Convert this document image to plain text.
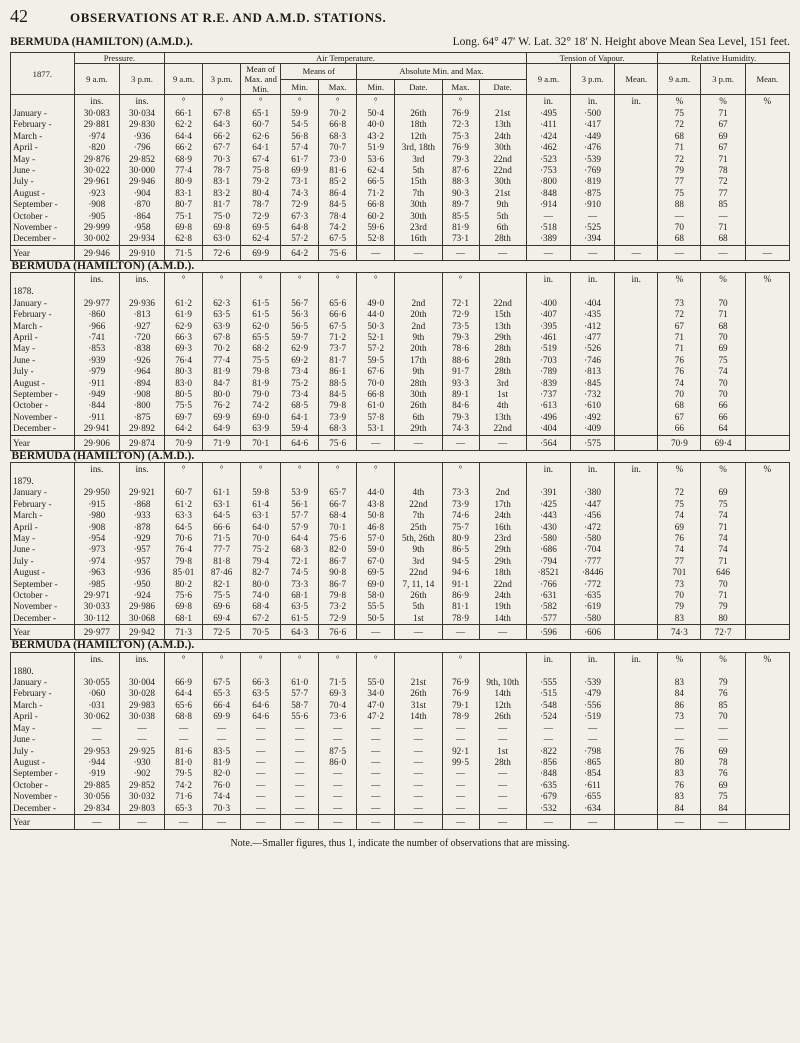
42	OBSERVATIONS AT R.E. AND A.M.D. STATIONS.
BERMUDA (HAMILTON) (A.M.D.).	Long. 64° 47′ W. Lat. 32° 18′ N. Height above Mean Sea Level, 151 feet.
1877.	Pressure.		Air Temperature.									Tension of Vapour.			Relative Humidity.		
	9 a.m.	3 p.m.	9 a.m.	3 p.m.	Mean of Max. and Min.	Means of		Absolute Min. and Max.				9 a.m.	3 p.m.	Mean.	9 a.m.	3 p.m.	Mean.
						Min.	Max.	Min.	Date.	Max.	Date.						
	ins.	ins.	°	°	°	°	°	°		°		in.	in.	in.	%	%	%
January -	30·083	30·034	66·1	67·8	65·1	59·9	70·2	50·4	26th	76·9	21st	·495	·500		75	71	
February -	29·881	29·830	62·2	64·3	60·7	54·5	66·8	40·0	18th	72·3	13th	·411	·417		72	67	
March -	·974	·936	64·4	66·2	62·6	56·8	68·3	43·2	12th	75·3	24th	·424	·449		68	69	
April -	·820	·796	66·2	67·7	64·1	57·4	70·7	51·9	3rd, 18th	76·9	30th	·462	·476		71	67	
May -	29·876	29·852	68·9	70·3	67·4	61·7	73·0	53·6	3rd	79·3	22nd	·523	·539		72	71	
June -	30·022	30·000	77·4	78·7	75·8	69·9	81·6	62·4	5th	87·6	22nd	·753	·769		79	78	
July -	29·961	29·946	80·9	83·1	79·2	73·1	85·2	66·5	15th	88·3	30th	·800	·819		77	72	
August -	·923	·904	83·1	83·2	80·4	74·3	86·4	71·2	7th	90·3	21st	·848	·875		75	77	
September -	·908	·870	80·7	81·7	78·7	72·9	84·5	66·8	30th	89·7	9th	·914	·910		88	85	
October -	·905	·864	75·1	75·0	72·9	67·3	78·4	60·2	30th	85·5	5th	—	—		—	—	
November -	29·999	·958	69·8	69·8	69·5	64·8	74·2	59·6	23rd	81·9	6th	·518	·525		70	71	
December -	30·002	29·934	62·8	63·0	62·4	57·2	67·5	52·8	16th	73·1	28th	·389	·394		68	68	
Year	29·946	29·910	71·5	72·6	69·9	64·2	75·6	—	—	—	—	—	—	—	—	—	—

BERMUDA (HAMILTON) (A.M.D.).																	
	ins.	ins.	°	°	°	°	°	°		°		in.	in.	in.	%	%	%
1878.																	
January -	29·977	29·936	61·2	62·3	61·5	56·7	65·6	49·0	2nd	72·1	22nd	·400	·404		73	70	
February -	·860	·813	61·9	63·5	61·5	56·3	66·6	44·0	20th	72·9	15th	·407	·435		72	71	
March -	·966	·927	62·9	63·9	62·0	56·5	67·5	50·3	2nd	73·5	13th	·395	·412		67	68	
April -	·741	·720	66·3	67·8	65·5	59·7	71·2	52·1	9th	79·3	29th	·461	·477		71	70	
May -	·853	·838	69·3	70·2	68·2	62·9	73·7	57·2	20th	78·6	28th	·519	·526		71	69	
June -	·939	·926	76·4	77·4	75·5	69·2	81·7	59·5	17th	88·6	28th	·703	·746		76	75	
July -	·979	·964	80·3	81·9	79·8	73·4	86·1	67·6	9th	91·7	28th	·789	·813		76	74	
August -	·911	·894	83·0	84·7	81·9	75·2	88·5	70·0	28th	93·3	3rd	·839	·845		74	70	
September -	·949	·908	80·5	80·0	79·0	73·4	84·5	66·8	30th	89·1	1st	·737	·732		70	70	
October -	·844	·800	75·5	76·2	74·2	68·5	79·8	61·0	26th	84·6	4th	·613	·610		68	66	
November -	·911	·875	69·7	69·9	69·0	64·1	73·9	57·8	6th	79·3	13th	·496	·492		67	66	
December -	29·941	29·892	64·2	64·9	63·9	59·4	68·3	53·1	29th	74·3	22nd	·404	·409		66	64	
Year	29·906	29·874	70·9	71·9	70·1	64·6	75·6	—	—	—	—	·564	·575		70·9	69·4	

BERMUDA (HAMILTON) (A.M.D.).																	
	ins.	ins.	°	°	°	°	°	°		°		in.	in.	in.	%	%	%
1879.																	
January -	29·950	29·921	60·7	61·1	59·8	53·9	65·7	44·0	4th	73·3	2nd	·391	·380		72	69	
February -	·915	·868	61·2	63·1	61·4	56·1	66·7	43·8	22nd	73·9	17th	·425	·447		75	75	
March -	·980	·933	63·3	64·5	63·1	57·7	68·4	50·8	7th	74·6	24th	·443	·456		74	74	
April -	·908	·878	64·5	66·6	64·0	57·9	70·1	46·8	25th	75·7	16th	·430	·472		69	71	
May -	·954	·929	70·6	71·5	70·0	64·4	75·6	57·0	5th, 26th	80·9	23rd	·580	·580		76	74	
June -	·973	·957	76·4	77·7	75·2	68·3	82·0	59·0	9th	86·5	29th	·686	·704		74	74	
July -	·974	·957	79·8	81·8	79·4	72·1	86·7	67·0	3rd	94·5	29th	·794	·777		77	71	
August -	·963	·936	85·01	87·46	82·7	74·5	90·8	69·5	22nd	94·6	18th	·8521	·8446		701	646	
September -	·985	·950	80·2	82·1	80·0	73·3	86·7	69·0	7, 11, 14	91·1	22nd	·766	·772		73	70	
October -	29·971	·924	75·6	75·5	74·0	68·1	79·8	58·0	26th	86·9	24th	·631	·635		70	71	
November -	30·033	29·986	69·8	69·6	68·4	63·5	73·2	55·5	5th	81·1	19th	·582	·619		79	79	
December -	30·112	30·068	68·1	69·4	67·2	61·5	72·9	50·5	1st	78·9	14th	·577	·580		83	80	
Year	29·977	29·942	71·3	72·5	70·5	64·3	76·6	—	—	—	—	·596	·606		74·3	72·7	

BERMUDA (HAMILTON) (A.M.D.).																	
	ins.	ins.	°	°	°	°	°	°		°		in.	in.	in.	%	%	%
1880.																	
January -	30·055	30·004	66·9	67·5	66·3	61·0	71·5	55·0	21st	76·9	9th, 10th	·555	·539		83	79	
February -	·060	30·028	64·4	65·3	63·5	57·7	69·3	34·0	26th	76·9	14th	·515	·479		84	76	
March -	·031	29·983	65·6	66·4	64·6	58·7	70·4	47·0	31st	79·1	12th	·548	·556		86	85	
April -	30·062	30·038	68·8	69·9	64·6	55·6	73·6	47·2	14th	78·9	26th	·524	·519		73	70	
May -	—	—	—	—	—	—	—	—	—	—	—	—	—		—	—	
June -	—	—	—	—	—	—	—	—	—	—	—	—	—		—	—	
July -	29·953	29·925	81·6	83·5	—	—	87·5	—	—	92·1	1st	·822	·798		76	69	
August -	·944	·930	81·0	81·9	—	—	86·0	—	—	99·5	28th	·856	·865		80	78	
September -	·919	·902	79·5	82·0	—	—	—	—	—	—	—	·848	·854		83	76	
October -	29·885	29·852	74·2	76·0	—	—	—	—	—	—	—	·635	·611		76	69	
November -	30·056	30·032	71·6	74·4	—	—	—	—	—	—	—	·679	·655		83	75	
December -	29·834	29·803	65·3	70·3	—	—	—	—	—	—	—	·532	·634		84	84	
Year	—	—	—	—	—	—	—	—	—	—	—	—	—		—	—	
Note.—Smaller figures, thus 1, indicate the number of observations that are missing.
